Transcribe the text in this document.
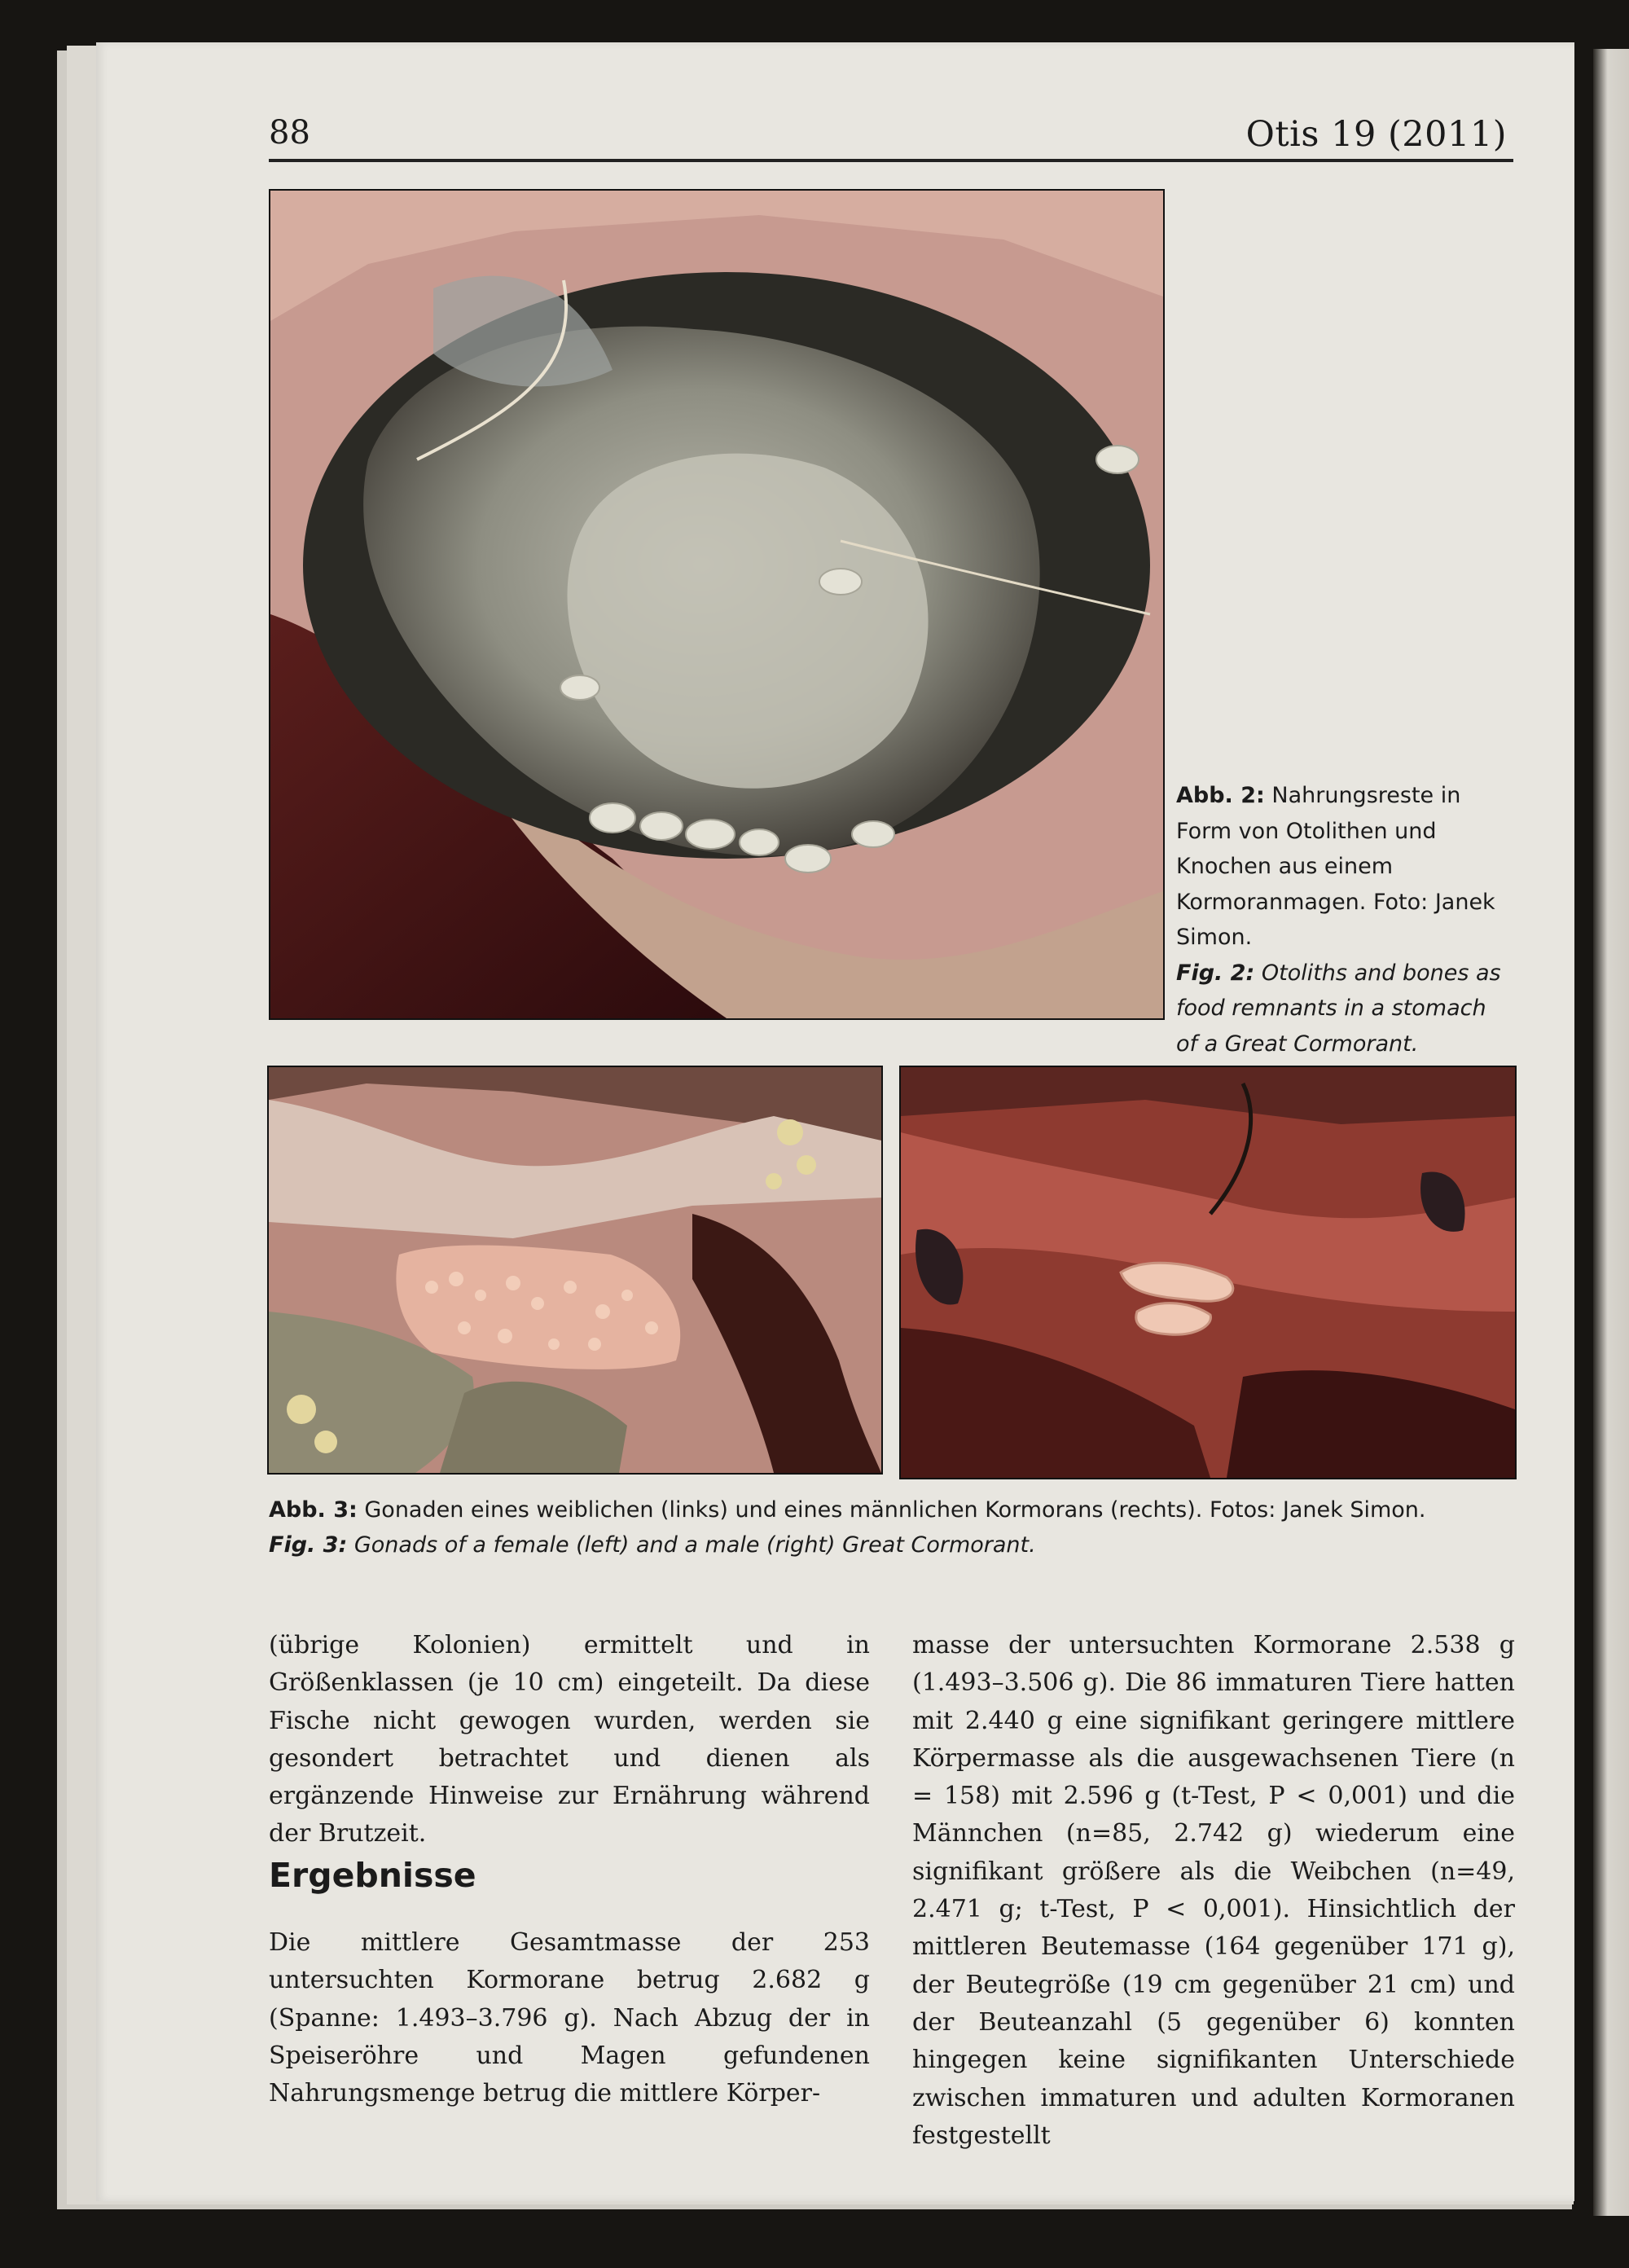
88	Otis 19 (2011)
Abb. 2: Nahrungsreste in Form von Otolithen und Knochen aus einem Kormoranmagen. Foto: Janek Simon.
Fig. 2: Otoliths and bones as food remnants in a stomach of a Great Cormorant.
Abb. 3: Gonaden eines weiblichen (links) und eines männlichen Kormorans (rechts). Fotos: Janek Simon.
Fig. 3: Gonads of a female (left) and a male (right) Great Cormorant.

(übrige Kolonien) ermittelt und in Größenklassen (je 10 cm) eingeteilt. Da diese Fische nicht gewogen wurden, werden sie gesondert betrachtet und dienen als ergänzende Hinweise zur Ernährung während der Brutzeit.

Ergebnisse

Die mittlere Gesamtmasse der 253 untersuchten Kormorane betrug 2.682 g (Spanne: 1.493–3.796 g). Nach Abzug der in Speiseröhre und Magen gefundenen Nahrungsmenge betrug die mittlere Körper-

masse der untersuchten Kormorane 2.538 g (1.493–3.506 g). Die 86 immaturen Tiere hatten mit 2.440 g eine signifikant geringere mittlere Körpermasse als die ausgewachsenen Tiere (n = 158) mit 2.596 g (t-Test, P < 0,001) und die Männchen (n=85, 2.742 g) wiederum eine signifikant größere als die Weibchen (n=49, 2.471 g; t-Test, P < 0,001). Hinsichtlich der mittleren Beutemasse (164 gegenüber 171 g), der Beutegröße (19 cm gegenüber 21 cm) und der Beuteanzahl (5 gegenüber 6) konnten hingegen keine signifikanten Unterschiede zwischen immaturen und adulten Kormoranen festgestellt
